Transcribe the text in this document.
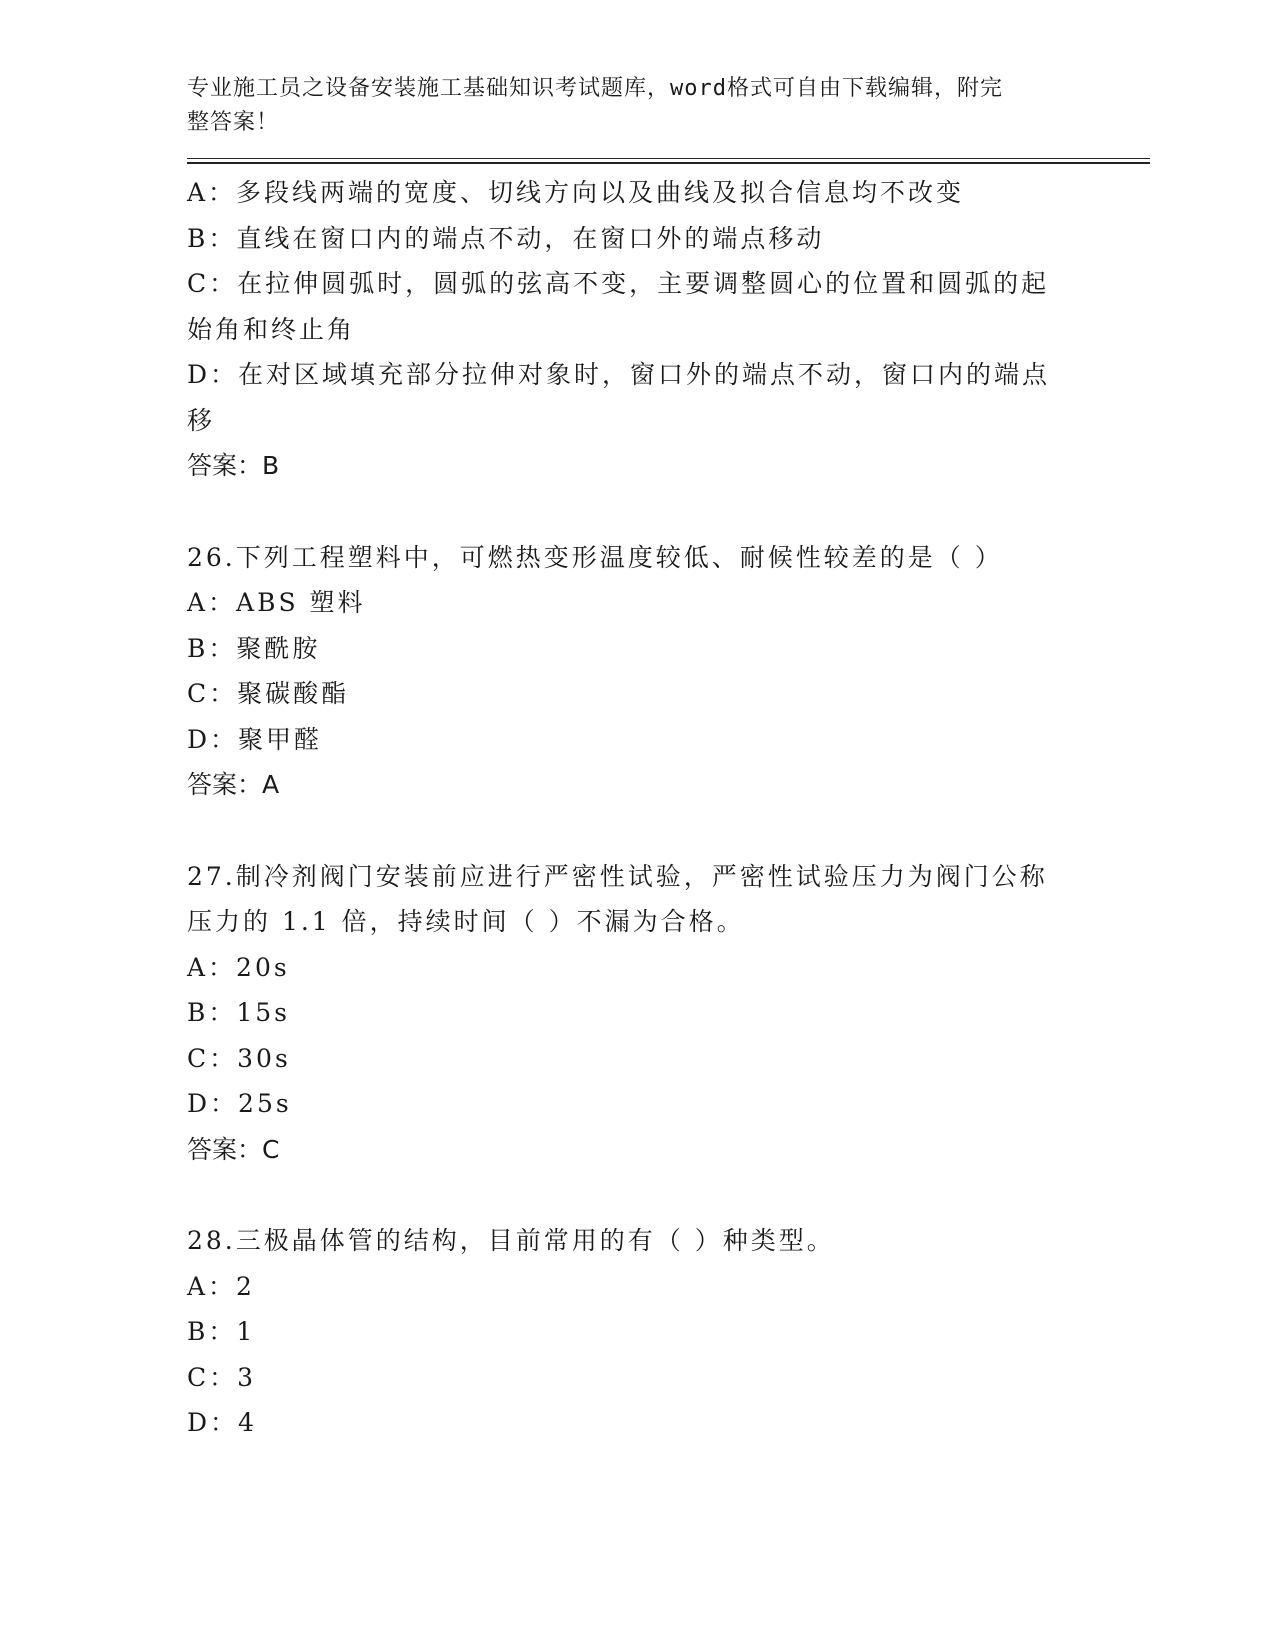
专业施工员之设备安装施工基础知识考试题库，word格式可自由下载编辑，附完
整答案！
A：多段线两端的宽度、切线方向以及曲线及拟合信息均不改变
B：直线在窗口内的端点不动，在窗口外的端点移动
C：在拉伸圆弧时，圆弧的弦高不变，主要调整圆心的位置和圆弧的起
始角和终止角
D：在对区域填充部分拉伸对象时，窗口外的端点不动，窗口内的端点
移
答案：B
26.下列工程塑料中，可燃热变形温度较低、耐候性较差的是（ ）
A：ABS 塑料
B：聚酰胺
C：聚碳酸酯
D：聚甲醛
答案：A
27.制冷剂阀门安装前应进行严密性试验，严密性试验压力为阀门公称
压力的 1.1 倍，持续时间（ ）不漏为合格。
A：20s
B：15s
C：30s
D：25s
答案：C
28.三极晶体管的结构，目前常用的有（ ）种类型。
A：2
B：1
C：3
D：4
